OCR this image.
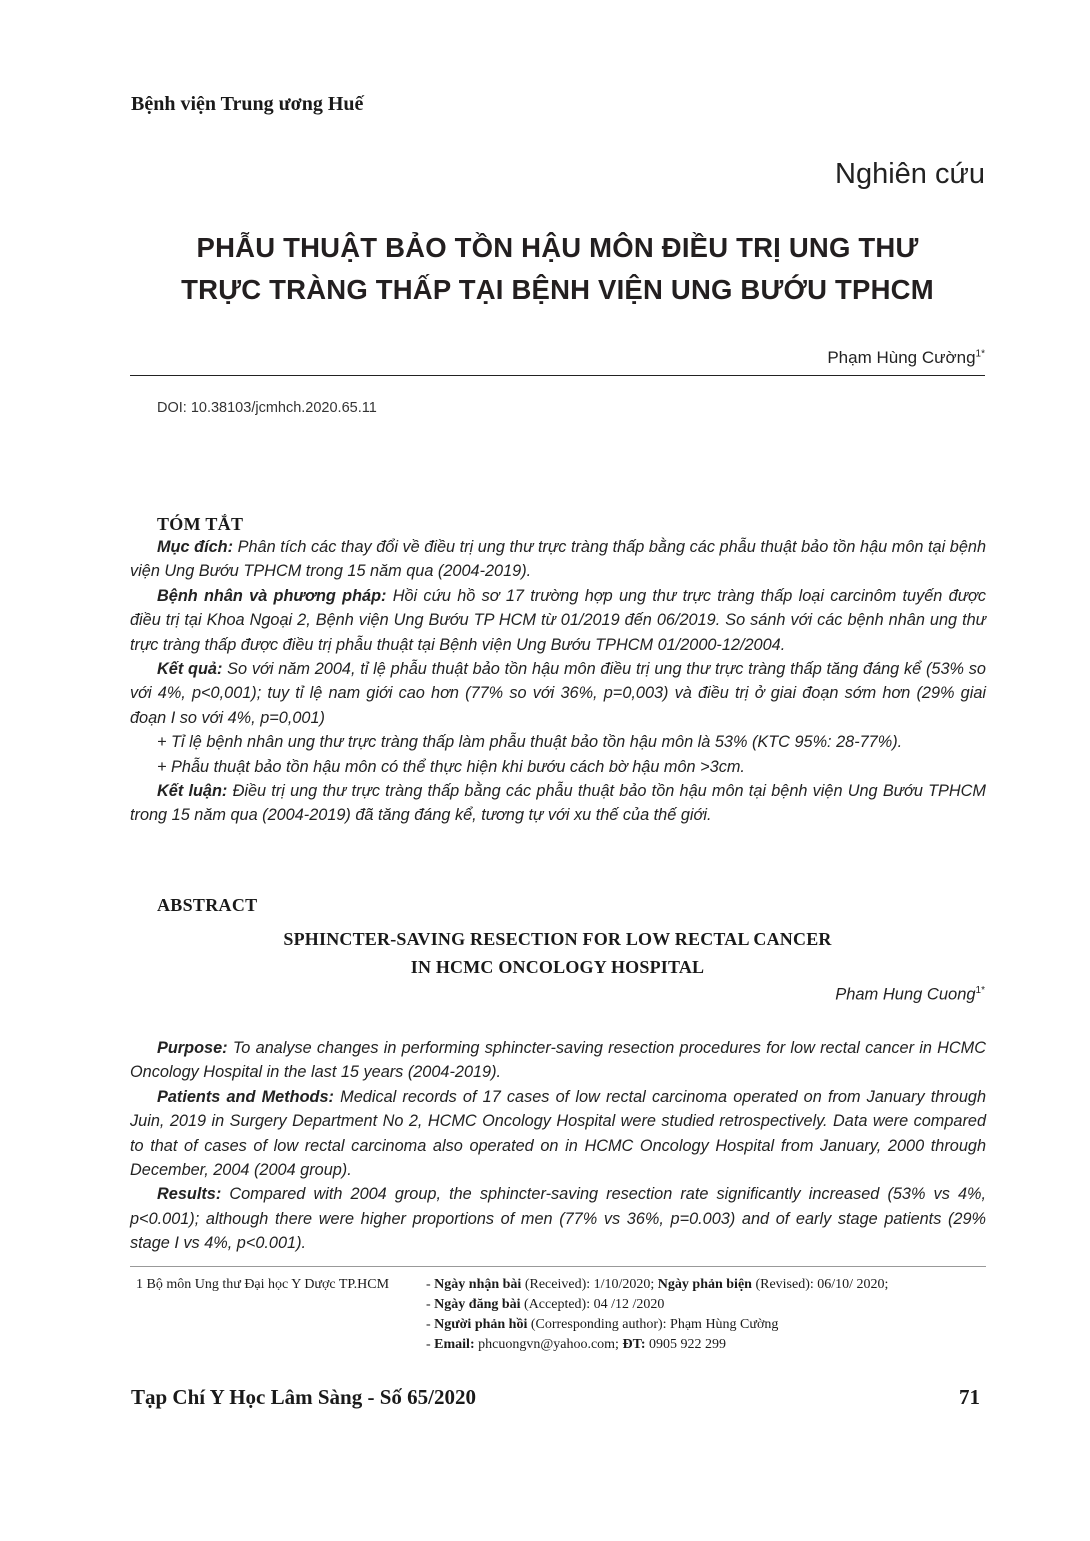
Bệnh viện Trung ương Huế
Nghiên cứu
PHẪU THUẬT BẢO TỒN HẬU MÔN ĐIỀU TRỊ UNG THƯ
TRỰC TRÀNG THẤP TẠI BỆNH VIỆN UNG BƯỚU TPHCM
Phạm Hùng Cường$^{1*}$
DOI: 10.38103/jcmhch.2020.65.11
TÓM TẮT

Mục đích: Phân tích các thay đổi về điều trị ung thư trực tràng thấp bằng các phẫu thuật bảo tồn hậu môn tại bệnh viện Ung Bướu TPHCM trong 15 năm qua (2004-2019).

Bệnh nhân và phương pháp: Hồi cứu hồ sơ 17 trường hợp ung thư trực tràng thấp loại carcinôm tuyến được điều trị tại Khoa Ngoại 2, Bệnh viện Ung Bướu TP HCM từ 01/2019 đến 06/2019. So sánh với các bệnh nhân ung thư trực tràng thấp được điều trị phẫu thuật tại Bệnh viện Ung Bướu TPHCM 01/2000-12/2004.

Kết quả: So với năm 2004, tỉ lệ phẫu thuật bảo tồn hậu môn điều trị ung thư trực tràng thấp tăng đáng kể (53% so với 4%, p<0,001); tuy tỉ lệ nam giới cao hơn (77% so với 36%, p=0,003) và điều trị ở giai đoạn sớm hơn (29% giai đoạn I so với 4%, p=0,001)

+ Tỉ lệ bệnh nhân ung thư trực tràng thấp làm phẫu thuật bảo tồn hậu môn là 53% (KTC 95%: 28-77%).

+ Phẫu thuật bảo tồn hậu môn có thể thực hiện khi bướu cách bờ hậu môn >3cm.

Kết luận: Điều trị ung thư trực tràng thấp bằng các phẫu thuật bảo tồn hậu môn tại bệnh viện Ung Bướu TPHCM trong 15 năm qua (2004-2019) đã tăng đáng kể, tương tự với xu thế của thế giới.

ABSTRACT
SPHINCTER-SAVING RESECTION FOR LOW RECTAL CANCER
IN HCMC ONCOLOGY HOSPITAL
Pham Hung Cuong$^{1*}$

Purpose: To analyse changes in performing sphincter-saving resection procedures for low rectal cancer in HCMC Oncology Hospital in the last 15 years (2004-2019).

Patients and Methods: Medical records of 17 cases of low rectal carcinoma operated on from January through Juin, 2019 in Surgery Department No 2, HCMC Oncology Hospital were studied retrospectively. Data were compared to that of cases of low rectal carcinoma also operated on in HCMC Oncology Hospital from January, 2000 through December, 2004 (2004 group).

Results: Compared with 2004 group, the sphincter-saving resection rate significantly increased (53% vs 4%, p<0.001); although there were higher proportions of men (77% vs 36%, p=0.003) and of early stage patients (29% stage I vs 4%, p<0.001).

1 Bộ môn Ung thư Đại học Y Dược TP.HCM	- Ngày nhận bài (Received): 1/10/2020; Ngày phản biện (Revised): 06/10/ 2020;
- Ngày đăng bài (Accepted): 04 /12 /2020
- Người phản hồi (Corresponding author): Phạm Hùng Cường
- Email: phcuongvn@yahoo.com; ĐT: 0905 922 299
Tạp Chí Y Học Lâm Sàng - Số 65/2020	71
